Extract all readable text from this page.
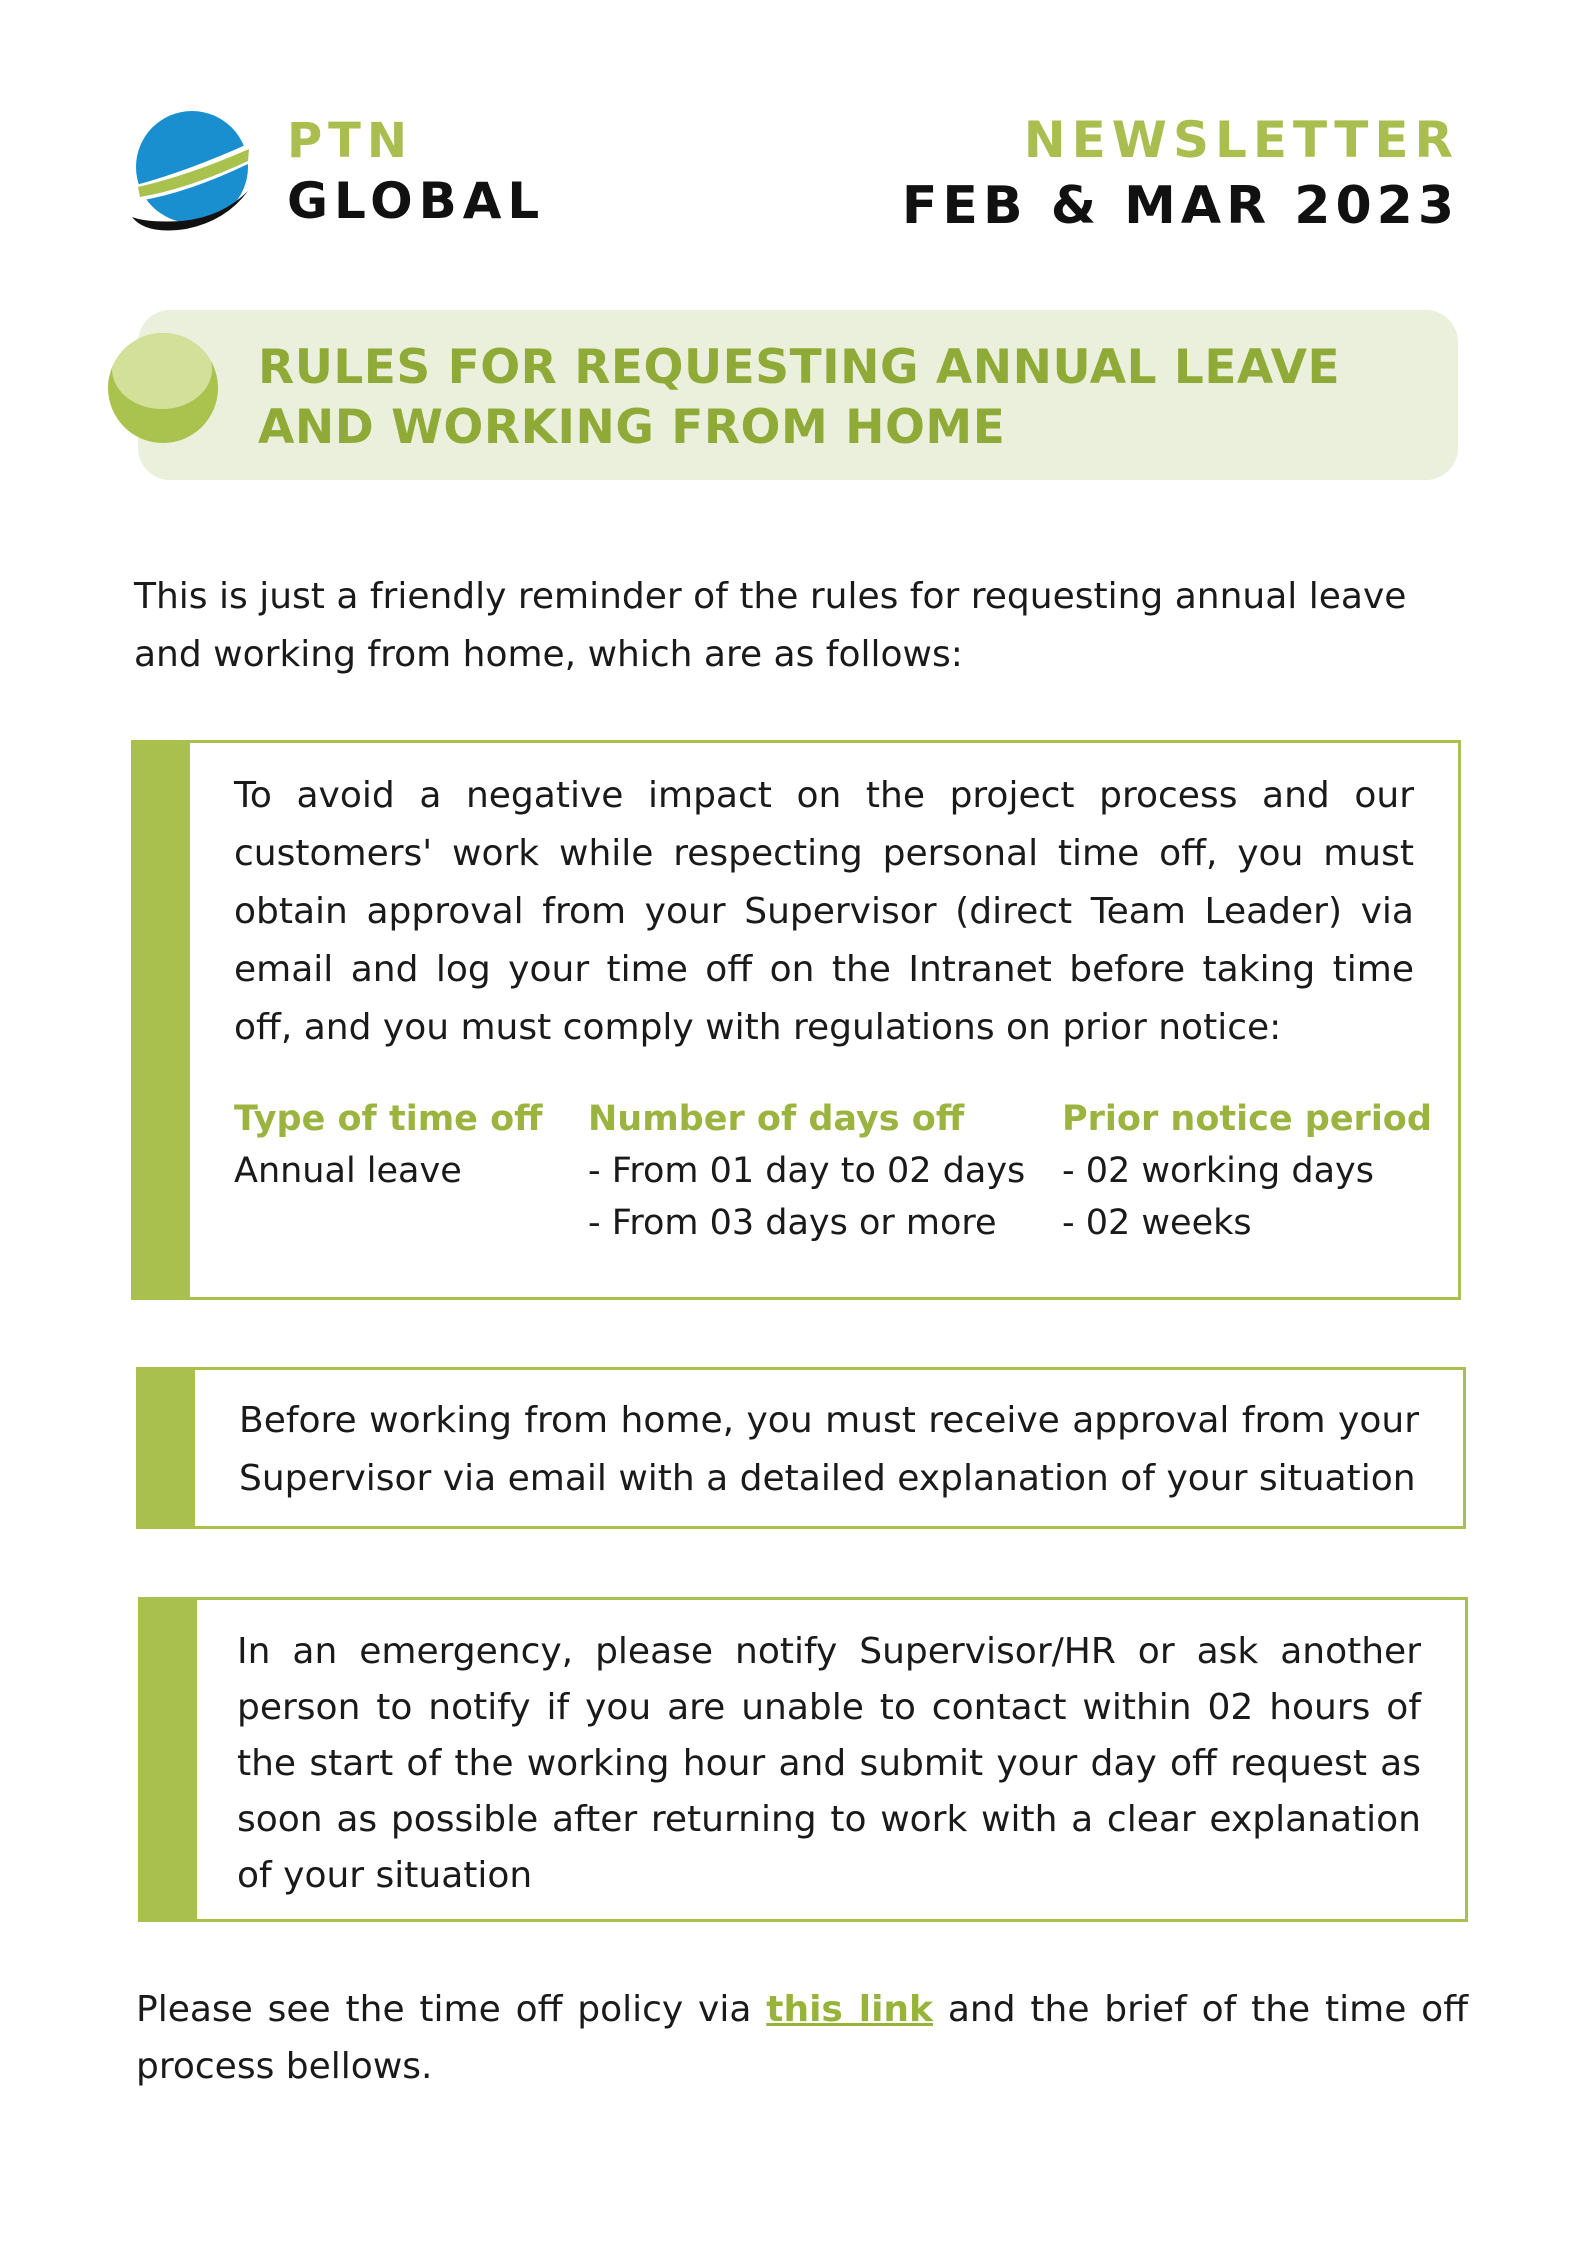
PTN
GLOBAL
NEWSLETTER
FEB & MAR 2023
RULES FOR REQUESTING ANNUAL LEAVE
AND WORKING FROM HOME

This is just a friendly reminder of the rules for requesting annual leave and working from home, which are as follows:

To avoid a negative impact on the project process and our customers' work while respecting personal time off, you must obtain approval from your Supervisor (direct Team Leader) via email and log your time off on the Intranet before taking time off, and you must comply with regulations on prior notice:

Type of time off
Annual leave
Number of days off
- From 01 day to 02 days
- From 03 days or more
Prior notice period
- 02 working days
- 02 weeks

Before working from home, you must receive approval from your Supervisor via email with a detailed explanation of your situation

In an emergency, please notify Supervisor/HR or ask another person to notify if you are unable to contact within 02 hours of the start of the working hour and submit your day off request as soon as possible after returning to work with a clear explanation of your situation

Please see the time off policy via this link and the brief of the time off process bellows.
